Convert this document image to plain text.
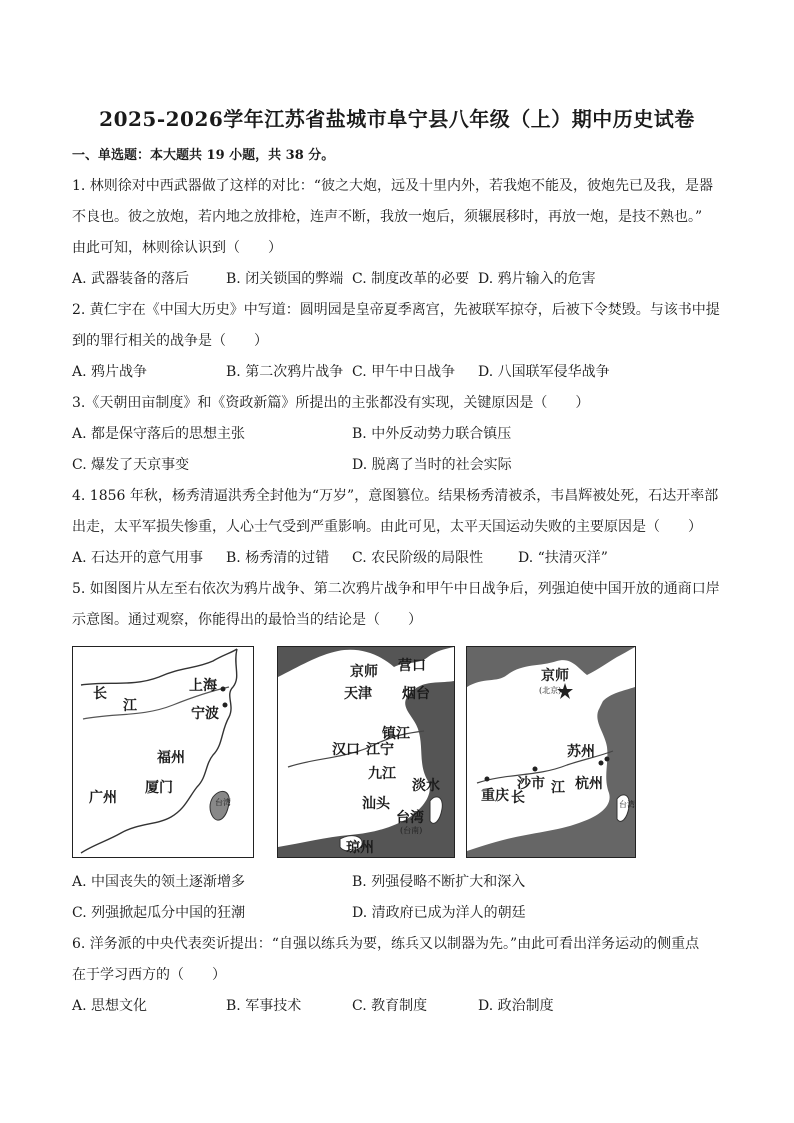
2025-2026学年江苏省盐城市阜宁县八年级（上）期中历史试卷
一、单选题：本大题共 19 小题，共 38 分。
1. 林则徐对中西武器做了这样的对比：“彼之大炮，远及十里内外，若我炮不能及，彼炮先已及我，是器
不良也。彼之放炮，若内地之放排枪，连声不断，我放一炮后，须辗展移时，再放一炮，是技不熟也。”
由此可知，林则徐认识到（　　）
A. 武器装备的落后	B. 闭关锁国的弊端 C. 制度改革的必要 D. 鸦片输入的危害
2. 黄仁宇在《中国大历史》中写道：圆明园是皇帝夏季离宫，先被联军掠夺，后被下令焚毁。与该书中提
到的罪行相关的战争是（　　）
A. 鸦片战争	B. 第二次鸦片战争 C. 甲午中日战争 D. 八国联军侵华战争
3.《天朝田亩制度》和《资政新篇》所提出的主张都没有实现，关键原因是（　　）
A. 都是保守落后的思想主张	B. 中外反动势力联合镇压
C. 爆发了天京事变	D. 脱离了当时的社会实际
4. 1856 年秋，杨秀清逼洪秀全封他为“万岁”，意图篡位。结果杨秀清被杀，韦昌辉被处死，石达开率部
出走，太平军损失惨重，人心士气受到严重影响。由此可见，太平天国运动失败的主要原因是（　　）
A. 石达开的意气用事 B. 杨秀清的过错 C. 农民阶级的局限性 D. “扶清灭洋”
5. 如图图片从左至右依次为鸦片战争、第二次鸦片战争和甲午中日战争后，列强迫使中国开放的通商口岸
示意图。通过观察，你能得出的最恰当的结论是（　　）
长
江
上海
宁波
福州
厦门
广州	台湾
京师 营口
天津 烟台
镇江
汉口 江宁
九江
淡水
汕头
台湾
(台南)
琼州
京师
(北京)
沙市
苏州
重庆 长
江 杭州
台湾
A. 中国丧失的领土逐渐增多	B. 列强侵略不断扩大和深入
C. 列强掀起瓜分中国的狂潮	D. 清政府已成为洋人的朝廷
6. 洋务派的中央代表奕䜣提出：“自强以练兵为要，练兵又以制器为先。”由此可看出洋务运动的侧重点
在于学习西方的（　　）
A. 思想文化	B. 军事技术	C. 教育制度	D. 政治制度
